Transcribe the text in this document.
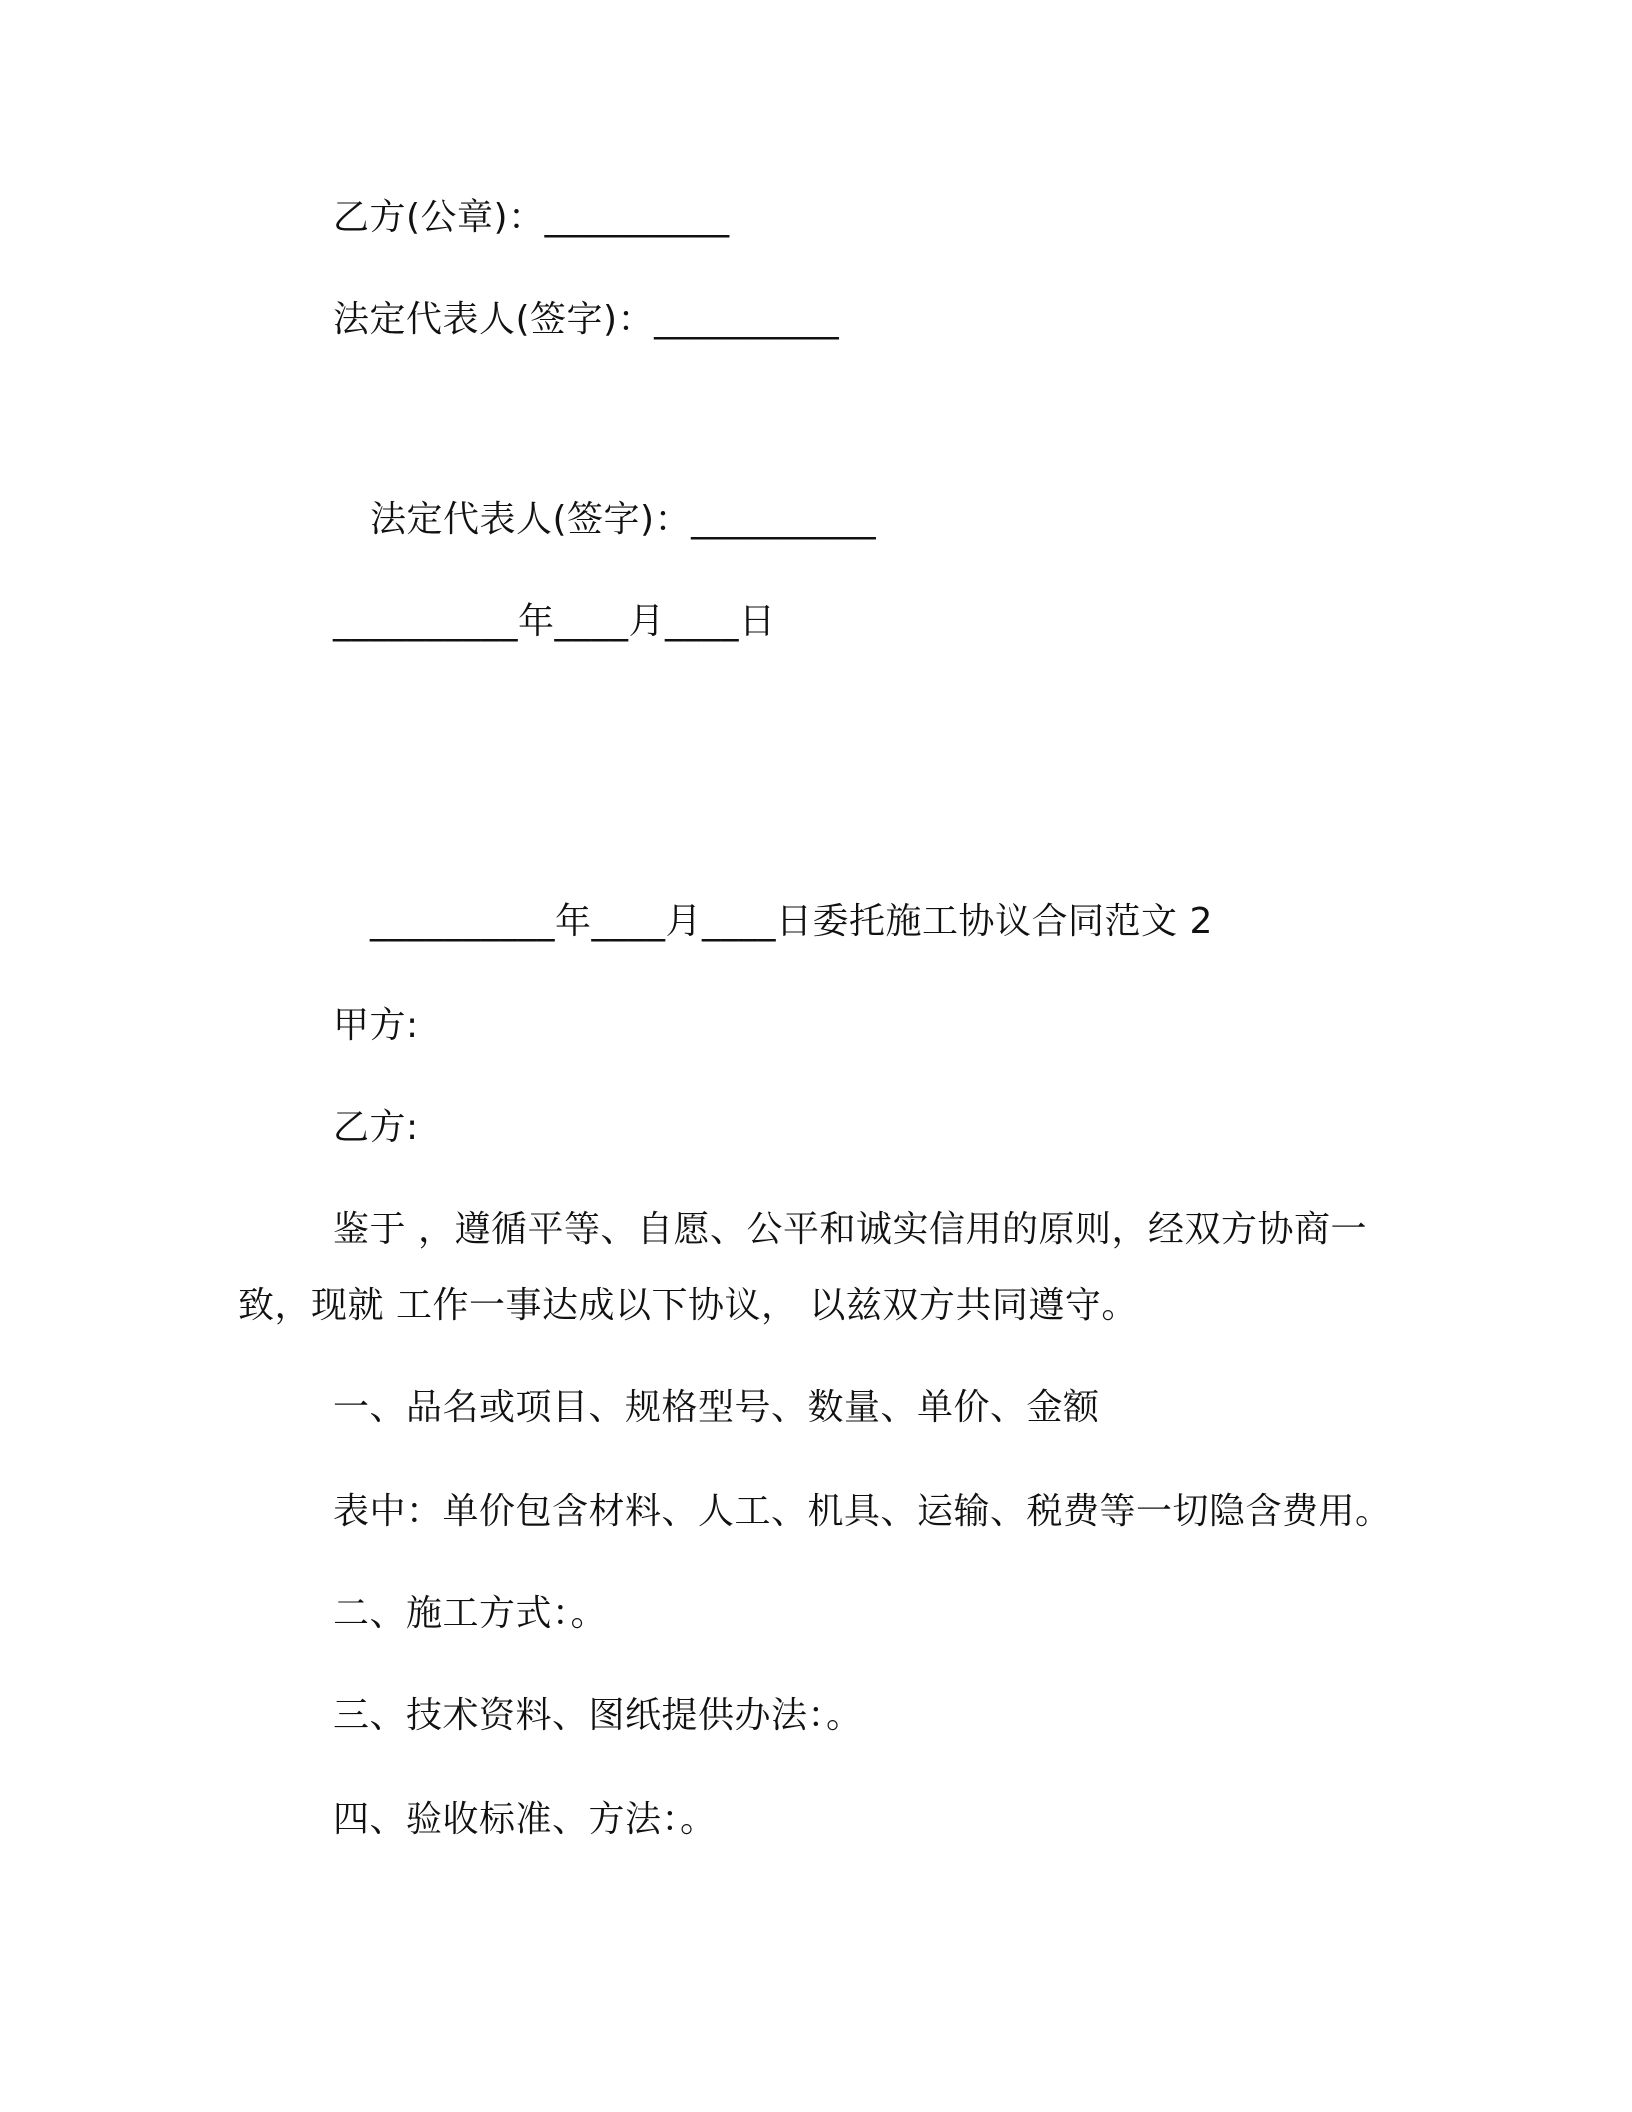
乙方(公章)：__________
法定代表人(签字)：__________
法定代表人(签字)：__________
__________年____月____日
__________年____月____日委托施工协议合同范文 2
甲方:
乙方:
鉴于 ，遵循平等、自愿、公平和诚实信用的原则，经双方协商一
致，现就 工作一事达成以下协议， 以兹双方共同遵守。
一、品名或项目、规格型号、数量、单价、金额
表中：单价包含材料、人工、机具、运输、税费等一切隐含费用。
二、施工方式：。
三、技术资料、图纸提供办法：。
四、验收标准、方法：。
